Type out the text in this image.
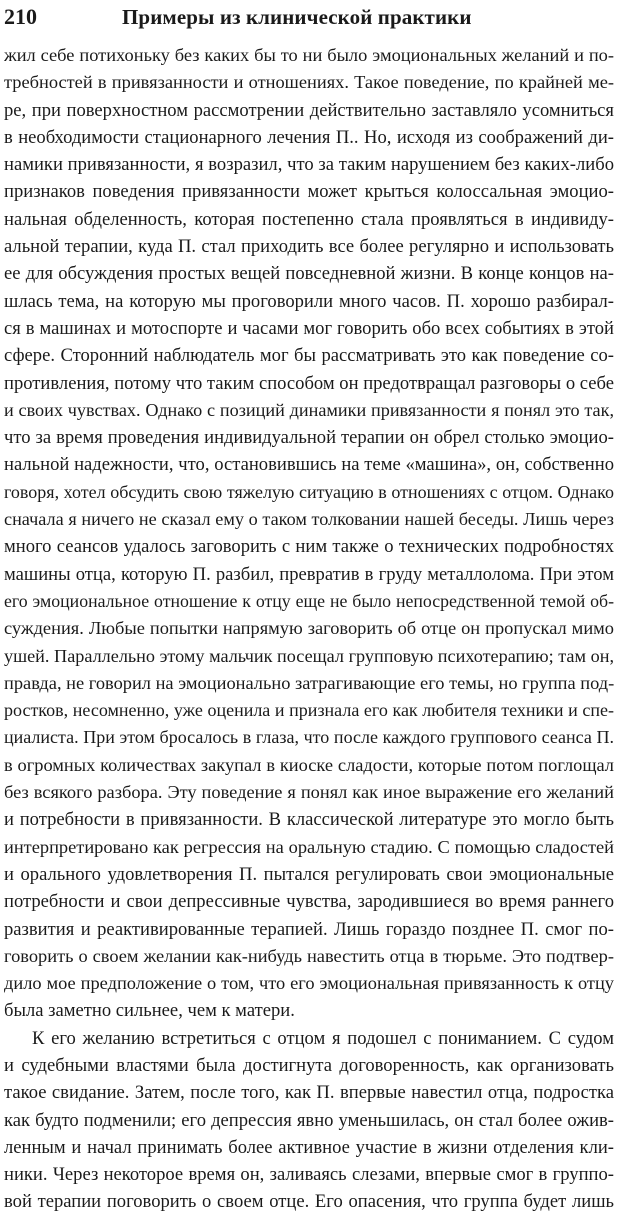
210	Примеры из клинической практики
жил себе потихоньку без каких бы то ни было эмоциональных желаний и по-
требностей в привязанности и отношениях. Такое поведение, по крайней ме-
ре, при поверхностном рассмотрении действительно заставляло усомниться
в необходимости стационарного лечения П.. Но, исходя из соображений ди-
намики привязанности, я возразил, что за таким нарушением без каких-либо
признаков поведения привязанности может крыться колоссальная эмоцио-
нальная обделенность, которая постепенно стала проявляться в индивиду-
альной терапии, куда П. стал приходить все более регулярно и использовать
ее для обсуждения простых вещей повседневной жизни. В конце концов на-
шлась тема, на которую мы проговорили много часов. П. хорошо разбирал-
ся в машинах и мотоспорте и часами мог говорить обо всех событиях в этой
сфере. Сторонний наблюдатель мог бы рассматривать это как поведение со-
противления, потому что таким способом он предотвращал разговоры о себе
и своих чувствах. Однако с позиций динамики привязанности я понял это так,
что за время проведения индивидуальной терапии он обрел столько эмоцио-
нальной надежности, что, остановившись на теме «машина», он, собственно
говоря, хотел обсудить свою тяжелую ситуацию в отношениях с отцом. Однако
сначала я ничего не сказал ему о таком толковании нашей беседы. Лишь через
много сеансов удалось заговорить с ним также о технических подробностях
машины отца, которую П. разбил, превратив в груду металлолома. При этом
его эмоциональное отношение к отцу еще не было непосредственной темой об-
суждения. Любые попытки напрямую заговорить об отце он пропускал мимо
ушей. Параллельно этому мальчик посещал групповую психотерапию; там он,
правда, не говорил на эмоционально затрагивающие его темы, но группа под-
ростков, несомненно, уже оценила и признала его как любителя техники и спе-
циалиста. При этом бросалось в глаза, что после каждого группового сеанса П.
в огромных количествах закупал в киоске сладости, которые потом поглощал
без всякого разбора. Эту поведение я понял как иное выражение его желаний
и потребности в привязанности. В классической литературе это могло быть
интерпретировано как регрессия на оральную стадию. С помощью сладостей
и орального удовлетворения П. пытался регулировать свои эмоциональные
потребности и свои депрессивные чувства, зародившиеся во время раннего
развития и реактивированные терапией. Лишь гораздо позднее П. смог по-
говорить о своем желании как-нибудь навестить отца в тюрьме. Это подтвер-
дило мое предположение о том, что его эмоциональная привязанность к отцу
была заметно сильнее, чем к матери.
К его желанию встретиться с отцом я подошел с пониманием. С судом
и судебными властями была достигнута договоренность, как организовать
такое свидание. Затем, после того, как П. впервые навестил отца, подростка
как будто подменили; его депрессия явно уменьшилась, он стал более ожив-
ленным и начал принимать более активное участие в жизни отделения кли-
ники. Через некоторое время он, заливаясь слезами, впервые смог в группо-
вой терапии поговорить о своем отце. Его опасения, что группа будет лишь
